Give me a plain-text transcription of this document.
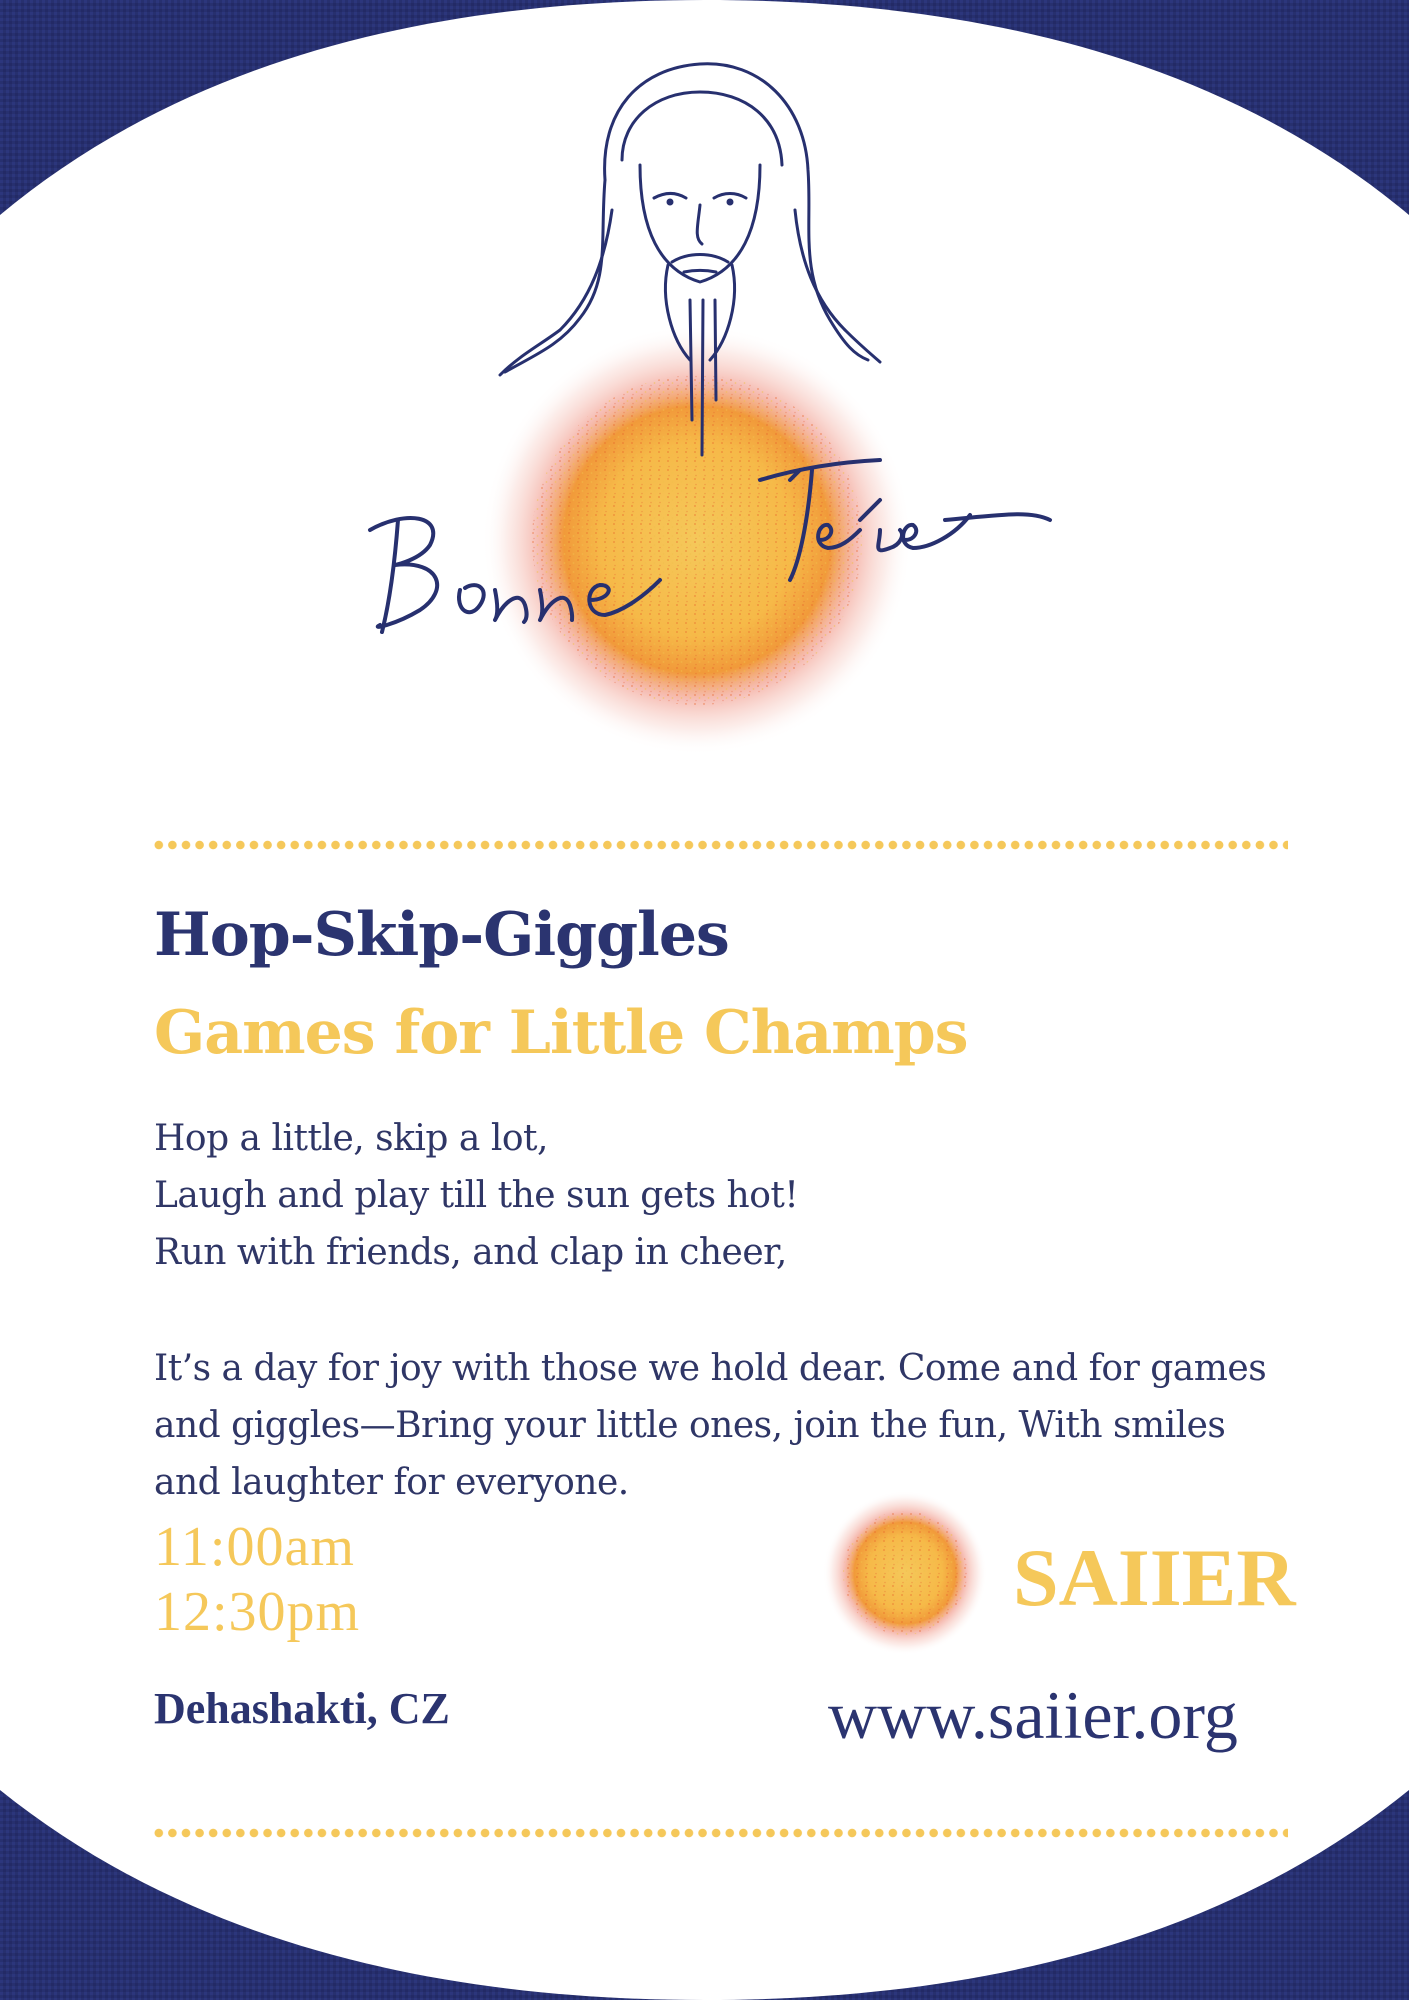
Hop-Skip-Giggles
Games for Little Champs
Hop a little, skip a lot,
Laugh and play till the sun gets hot!
Run with friends, and clap in cheer,
It’s a day for joy with those we hold dear. Come and for games and giggles—Bring your little ones, join the fun, With smiles and laughter for everyone.
11:00am
12:30pm
Dehashakti, CZ
SAIIER
www.saiier.org
